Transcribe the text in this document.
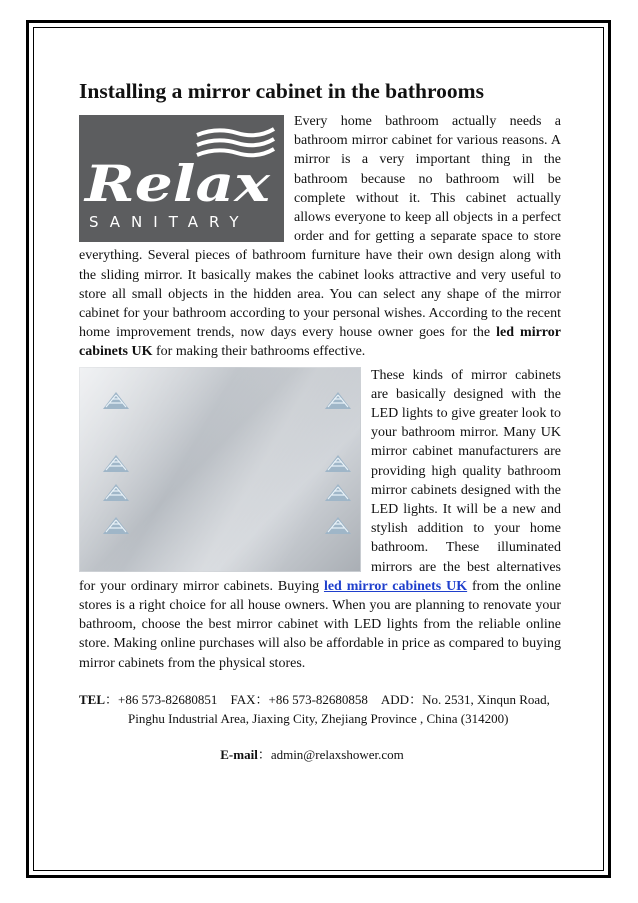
Installing a mirror cabinet in the bathrooms
Relax
SANITARY

Every home bathroom actually needs a bathroom mirror cabinet for various reasons. A mirror is a very important thing in the bathroom because no bathroom will be complete without it. This cabinet actually allows everyone to keep all objects in a perfect order and for getting a separate space to store everything. Several pieces of bathroom furniture have their own design along with the sliding mirror. It basically makes the cabinet looks attractive and very useful to store all small objects in the hidden area. You can select any shape of the mirror cabinet for your bathroom according to your personal wishes. According to the recent home improvement trends, now days every house owner goes for the led mirror cabinets UK for making their bathrooms effective.

These kinds of mirror cabinets are basically designed with the LED lights to give greater look to your bathroom mirror. Many UK mirror cabinet manufacturers are providing high quality bathroom mirror cabinets designed with the LED lights. It will be a new and stylish addition to your home bathroom. These illuminated mirrors are the best alternatives for your ordinary mirror cabinets. Buying led mirror cabinets UK from the online stores is a right choice for all house owners. When you are planning to renovate your bathroom, choose the best mirror cabinet with LED lights from the reliable online store. Making online purchases will also be affordable in price as compared to buying mirror cabinets from the physical stores.

TEL：+86 573-82680851 FAX：+86 573-82680858 ADD：No. 2531, Xinqun Road,
Pinghu Industrial Area, Jiaxing City, Zhejiang Province , China (314200)
E-mail：admin@relaxshower.com
